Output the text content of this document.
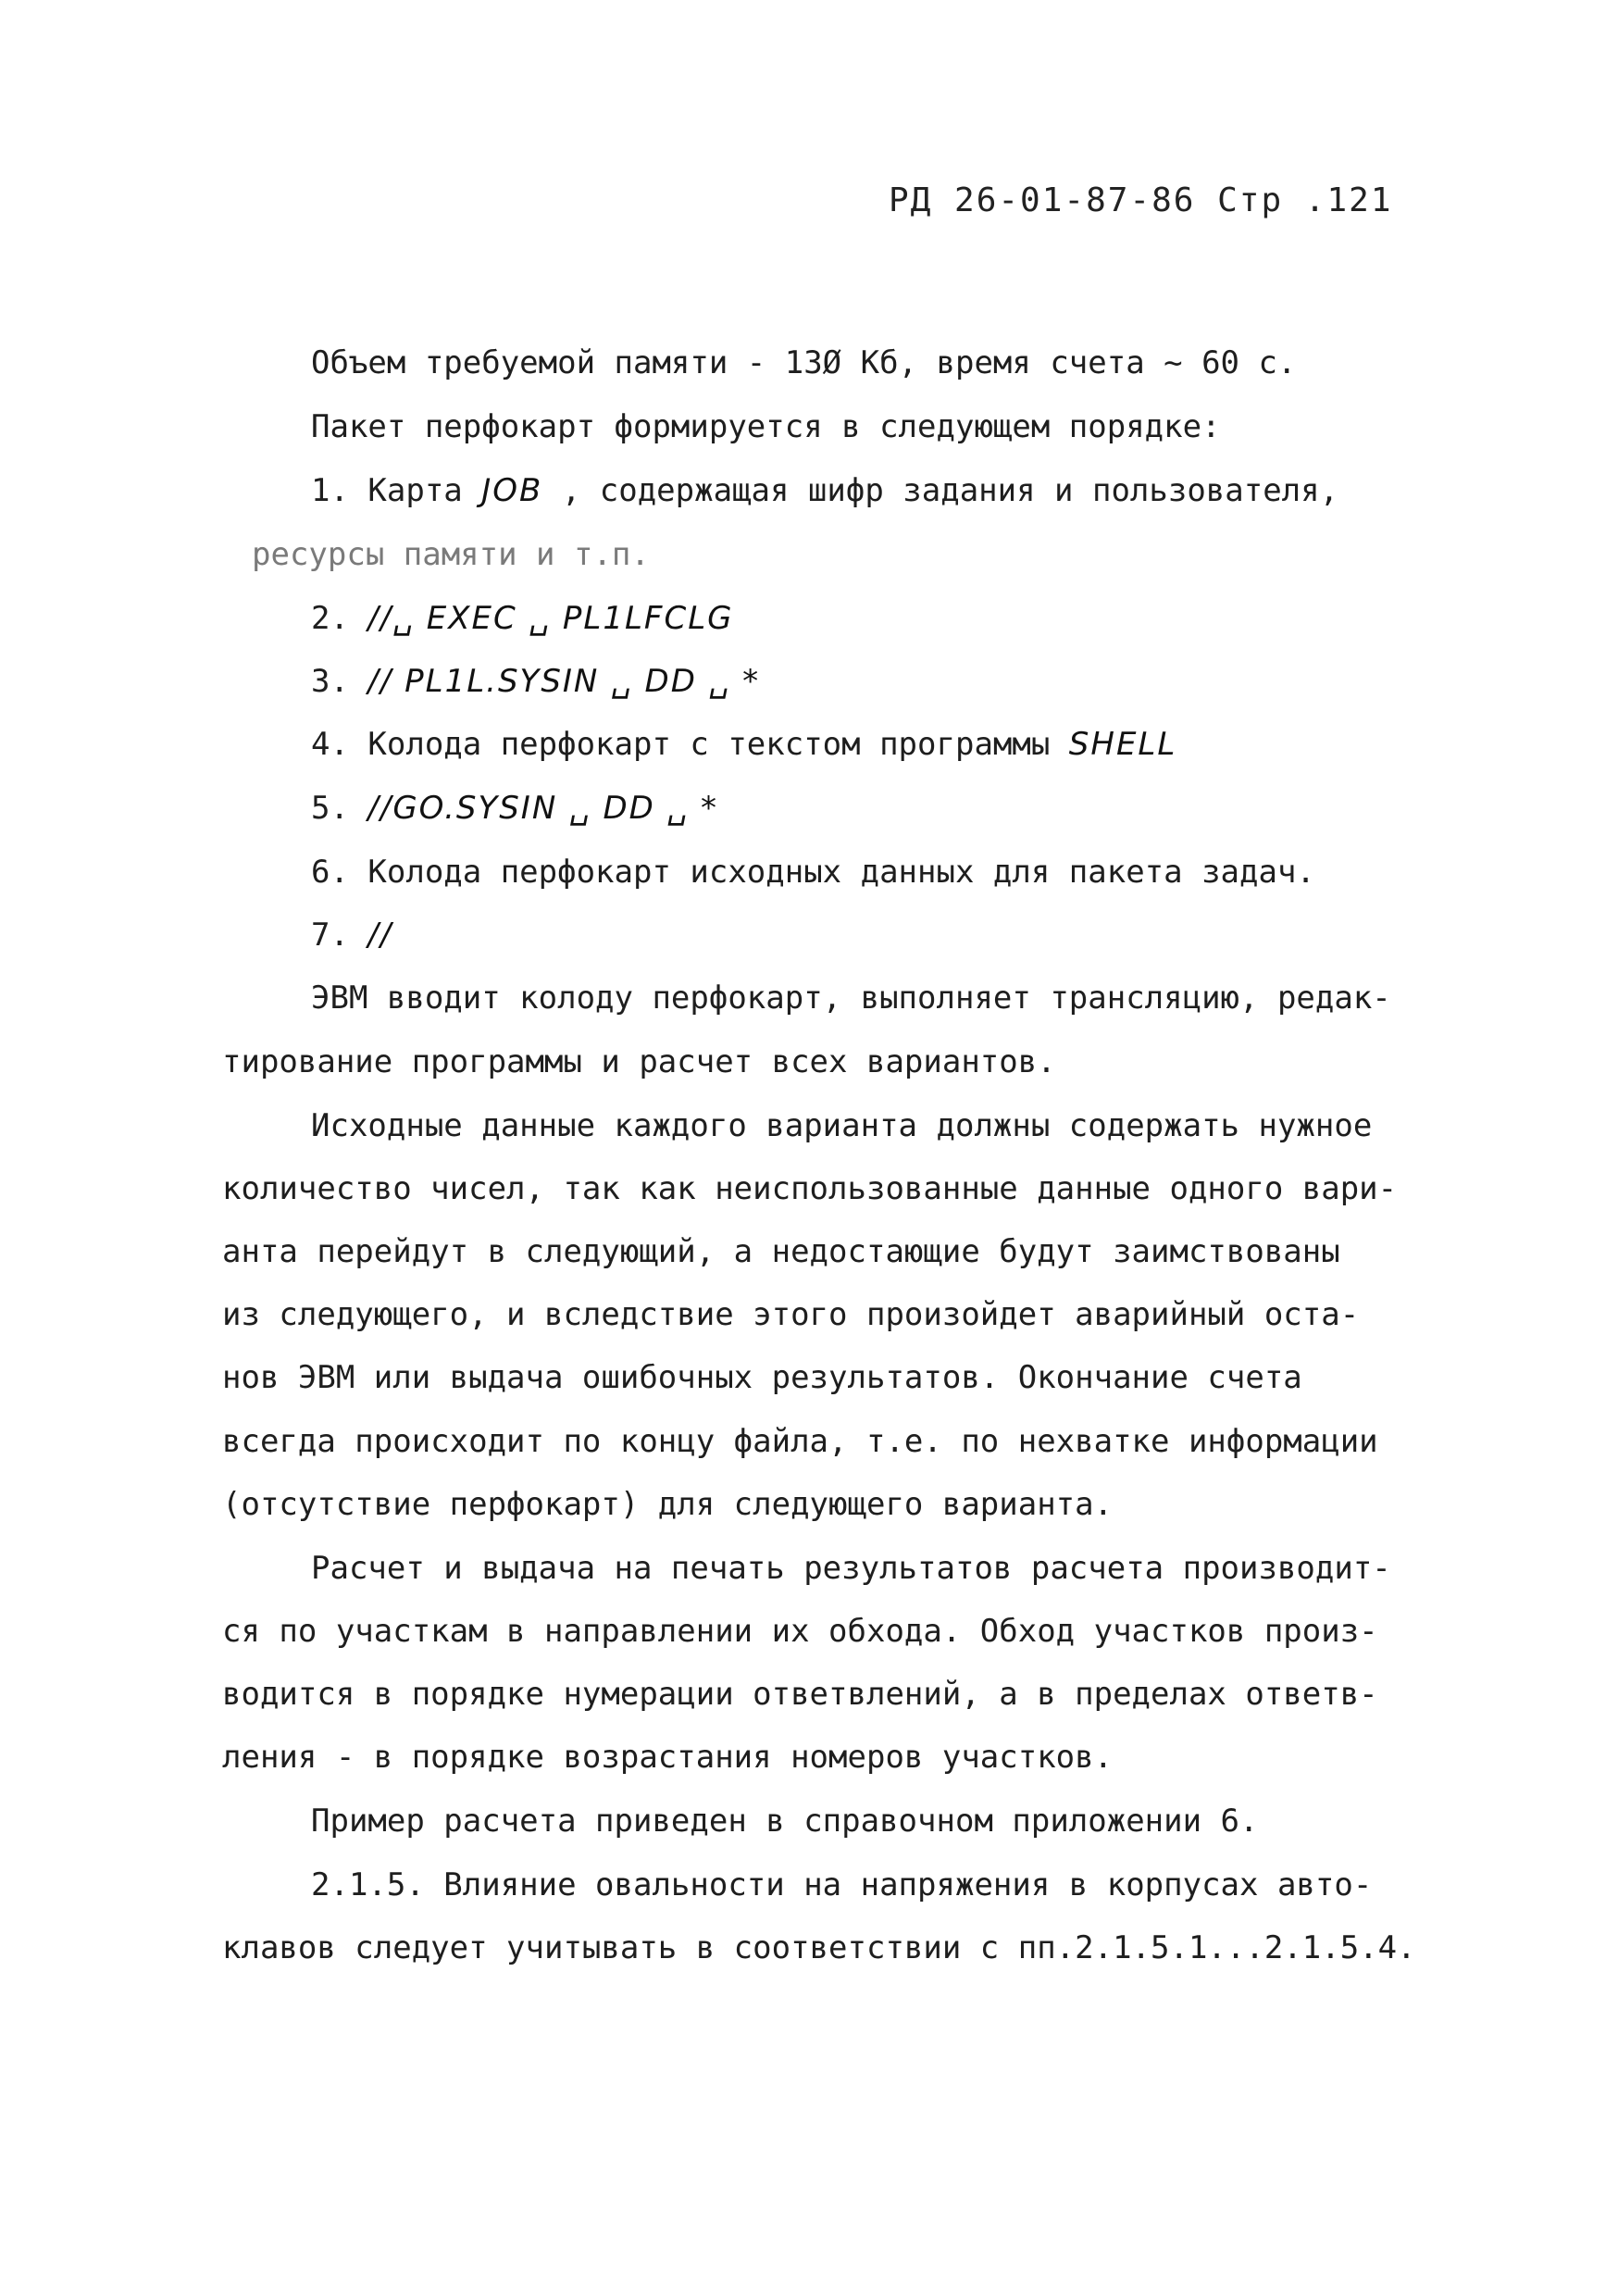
РД 26-01-87-86 Стр .121
Объем требуемой памяти - 13Ø Кб, время счета ~ 60 с.
Пакет перфокарт формируется в следующем порядке:
1. Карта JOB , содержащая шифр задания и пользователя,
ресурсы памяти и т.п.
2. //␣ EXEC ␣ PL1LFCLG
3. // PL1L.SYSIN ␣ DD ␣ *
4. Колода перфокарт с текстом программы SHELL
5. //GO.SYSIN ␣ DD ␣ *
6. Колода перфокарт исходных данных для пакета задач.
7. //
ЭВМ вводит колоду перфокарт, выполняет трансляцию, редак-
тирование программы и расчет всех вариантов.
Исходные данные каждого варианта должны содержать нужное
количество чисел, так как неиспользованные данные одного вари-
анта перейдут в следующий, а недостающие будут заимствованы
из следующего, и вследствие этого произойдет аварийный оста-
нов ЭВМ или выдача ошибочных результатов. Окончание счета
всегда происходит по концу файла, т.е. по нехватке информации
(отсутствие перфокарт) для следующего варианта.
Расчет и выдача на печать результатов расчета производит-
ся по участкам в направлении их обхода. Обход участков произ-
водится в порядке нумерации ответвлений, а в пределах ответв-
ления - в порядке возрастания номеров участков.
Пример расчета приведен в справочном приложении 6.
2.1.5. Влияние овальности на напряжения в корпусах авто-
клавов следует учитывать в соответствии с пп.2.1.5.1...2.1.5.4.
